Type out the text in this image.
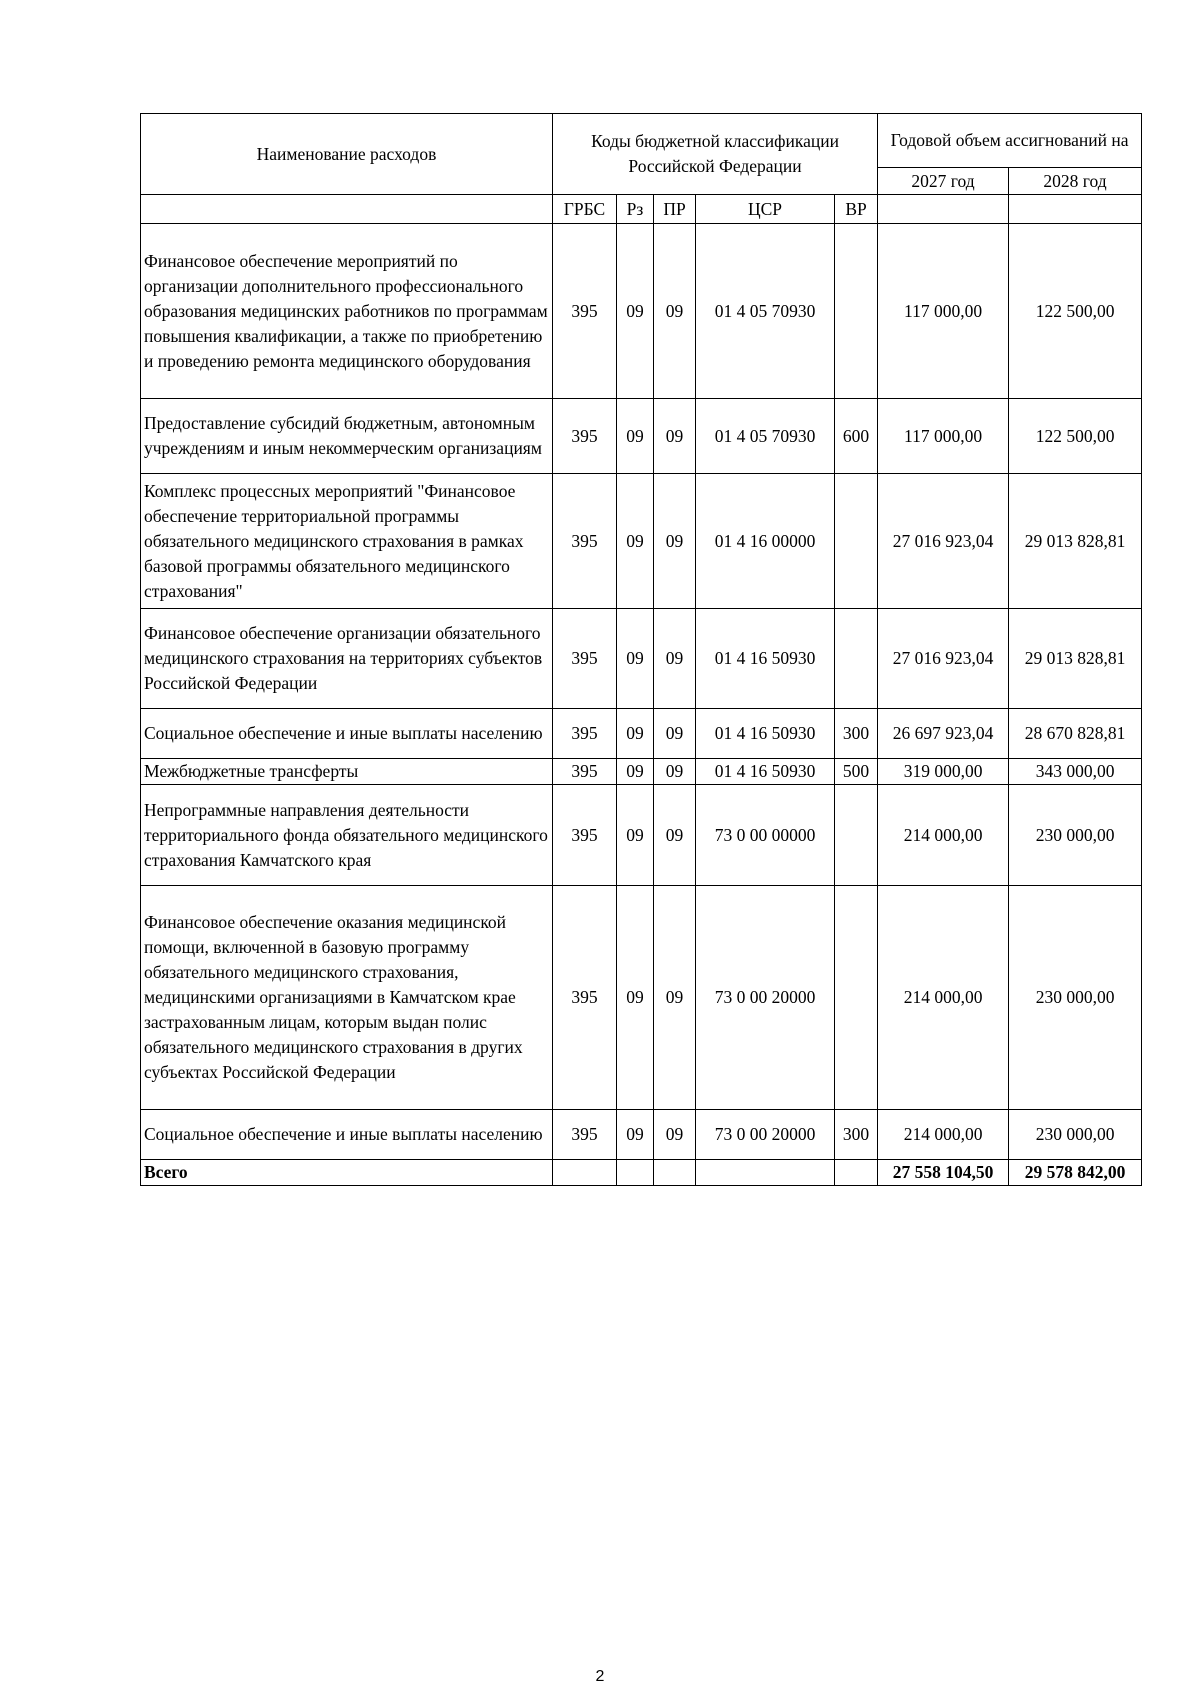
Наименование расходов	Коды бюджетной классификации Российской Федерации					Годовой объем ассигнований на	
						2027 год	2028 год
	ГРБС	Рз	ПР	ЦСР	ВР		
Финансовое обеспечение мероприятий по организации дополнительного профессионального образования медицинских работников по программам повышения квалификации, а также по приобретению и проведению ремонта медицинского оборудования	395	09	09	01 4 05 70930		117 000,00	122 500,00
Предоставление субсидий бюджетным, автономным учреждениям и иным некоммерческим организациям	395	09	09	01 4 05 70930	600	117 000,00	122 500,00
Комплекс процессных мероприятий "Финансовое обеспечение территориальной программы обязательного медицинского страхования в рамках базовой программы обязательного медицинского страхования"	395	09	09	01 4 16 00000		27 016 923,04	29 013 828,81
Финансовое обеспечение организации обязательного медицинского страхования на территориях субъектов Российской Федерации	395	09	09	01 4 16 50930		27 016 923,04	29 013 828,81
Социальное обеспечение и иные выплаты населению	395	09	09	01 4 16 50930	300	26 697 923,04	28 670 828,81
Межбюджетные трансферты	395	09	09	01 4 16 50930	500	319 000,00	343 000,00
Непрограммные направления деятельности территориального фонда обязательного медицинского страхования Камчатского края	395	09	09	73 0 00 00000		214 000,00	230 000,00
Финансовое обеспечение оказания медицинской помощи, включенной в базовую программу обязательного медицинского страхования, медицинскими организациями в Камчатском крае застрахованным лицам, которым выдан полис обязательного медицинского страхования в других субъектах Российской Федерации	395	09	09	73 0 00 20000		214 000,00	230 000,00
Социальное обеспечение и иные выплаты населению	395	09	09	73 0 00 20000	300	214 000,00	230 000,00
Всего						27 558 104,50	29 578 842,00
2
